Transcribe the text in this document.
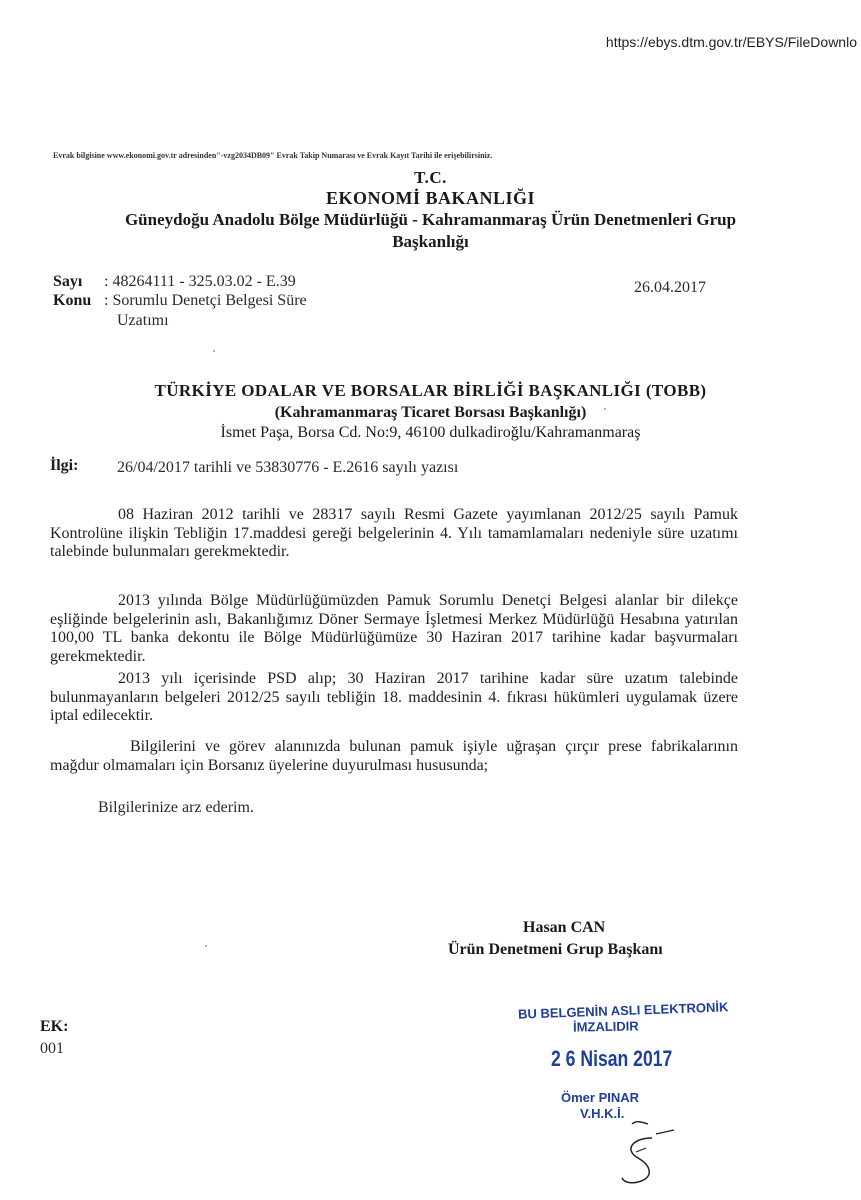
https://ebys.dtm.gov.tr/EBYS/FileDownlo
Evrak bilgisine www.ekonomi.gov.tr adresinden"-vzg2034DB09" Evrak Takip Numarası ve Evrak Kayıt Tarihi ile erişebilirsiniz.
T.C.
EKONOMİ BAKANLIĞI
Güneydoğu Anadolu Bölge Müdürlüğü - Kahramanmaraş Ürün Denetmenleri Grup
Başkanlığı
Sayı : 48264111 - 325.03.02 - E.39
Konu : Sorumlu Denetçi Belgesi Süre
Uzatımı
26.04.2017
TÜRKİYE ODALAR VE BORSALAR BİRLİĞİ BAŞKANLIĞI (TOBB)
(Kahramanmaraş Ticaret Borsası Başkanlığı)
İsmet Paşa, Borsa Cd. No:9, 46100 dulkadiroğlu/Kahramanmaraş
İlgi: 26/04/2017 tarihli ve 53830776 - E.2616 sayılı yazısı
08 Haziran 2012 tarihli ve 28317 sayılı Resmi Gazete yayımlanan 2012/25 sayılı Pamuk Kontrolüne ilişkin Tebliğin 17.maddesi gereği belgelerinin 4. Yılı tamamlamaları nedeniyle süre uzatımı talebinde bulunmaları gerekmektedir.
2013 yılında Bölge Müdürlüğümüzden Pamuk Sorumlu Denetçi Belgesi alanlar bir dilekçe eşliğinde belgelerinin aslı, Bakanlığımız Döner Sermaye İşletmesi Merkez Müdürlüğü Hesabına yatırılan 100,00 TL banka dekontu ile Bölge Müdürlüğümüze 30 Haziran 2017 tarihine kadar başvurmaları gerekmektedir.
2013 yılı içerisinde PSD alıp; 30 Haziran 2017 tarihine kadar süre uzatım talebinde bulunmayanların belgeleri 2012/25 sayılı tebliğin 18. maddesinin 4. fıkrası hükümleri uygulamak üzere iptal edilecektir.
Bilgilerini ve görev alanınızda bulunan pamuk işiyle uğraşan çırçır prese fabrikalarının mağdur olmamaları için Borsanız üyelerine duyurulması hususunda;
Bilgilerinize arz ederim.
Hasan CAN
Ürün Denetmeni Grup Başkanı
EK:
001
BU BELGENİN ASLI ELEKTRONİK
İMZALIDIR
2 6 Nisan 2017
Ömer PINAR
V.H.K.İ.
